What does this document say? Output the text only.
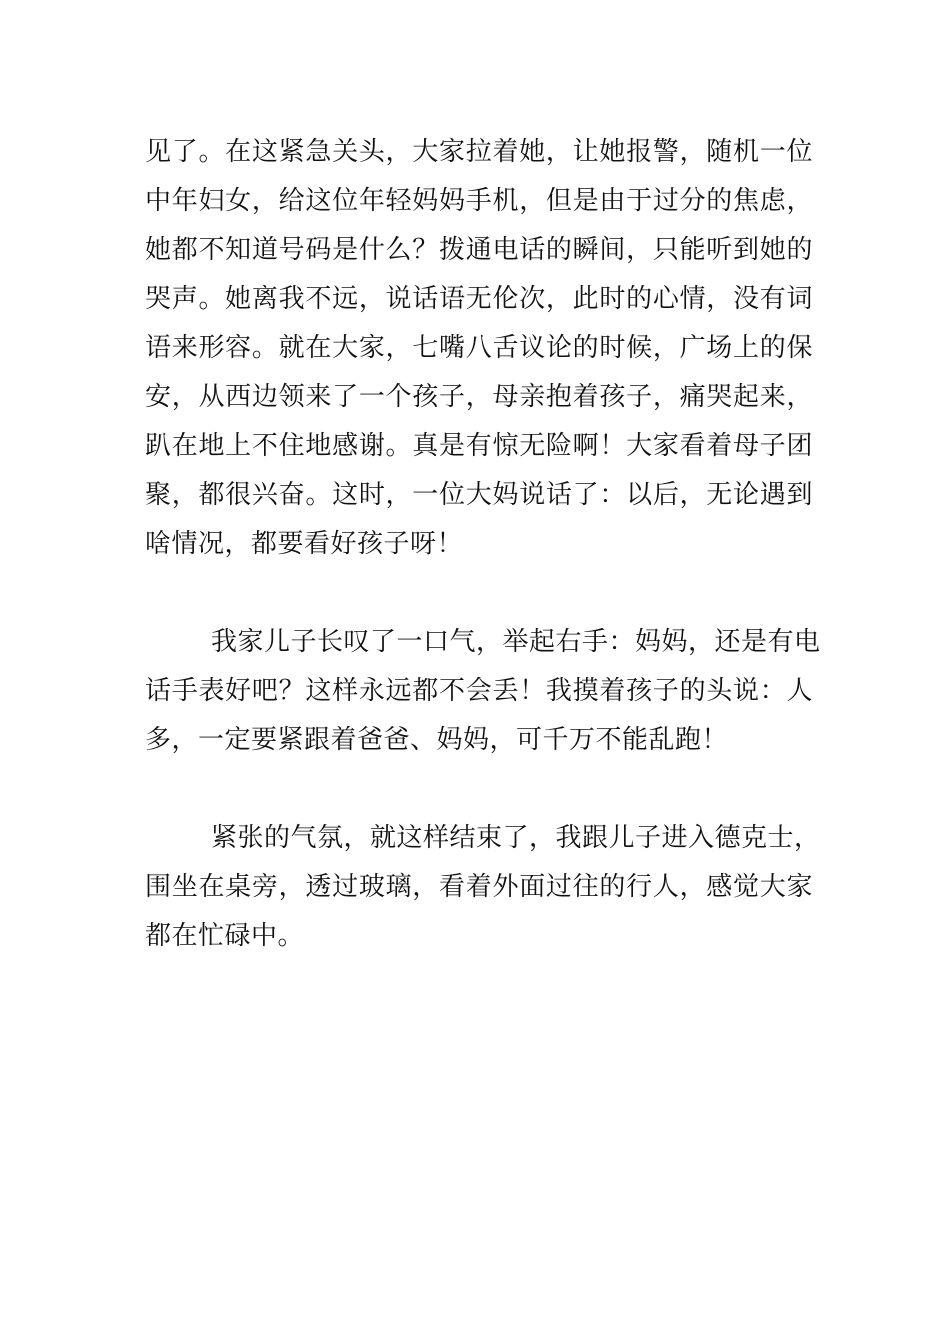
见了。在这紧急关头，大家拉着她，让她报警，随机一位
中年妇女，给这位年轻妈妈手机，但是由于过分的焦虑，
她都不知道号码是什么？拨通电话的瞬间，只能听到她的
哭声。她离我不远，说话语无伦次，此时的心情，没有词
语来形容。就在大家，七嘴八舌议论的时候，广场上的保
安，从西边领来了一个孩子，母亲抱着孩子，痛哭起来，
趴在地上不住地感谢。真是有惊无险啊！大家看着母子团
聚，都很兴奋。这时，一位大妈说话了：以后，无论遇到
啥情况，都要看好孩子呀！
我家儿子长叹了一口气，举起右手：妈妈，还是有电
话手表好吧？这样永远都不会丢！我摸着孩子的头说：人
多，一定要紧跟着爸爸、妈妈，可千万不能乱跑！
紧张的气氛，就这样结束了，我跟儿子进入德克士，
围坐在桌旁，透过玻璃，看着外面过往的行人，感觉大家
都在忙碌中。
